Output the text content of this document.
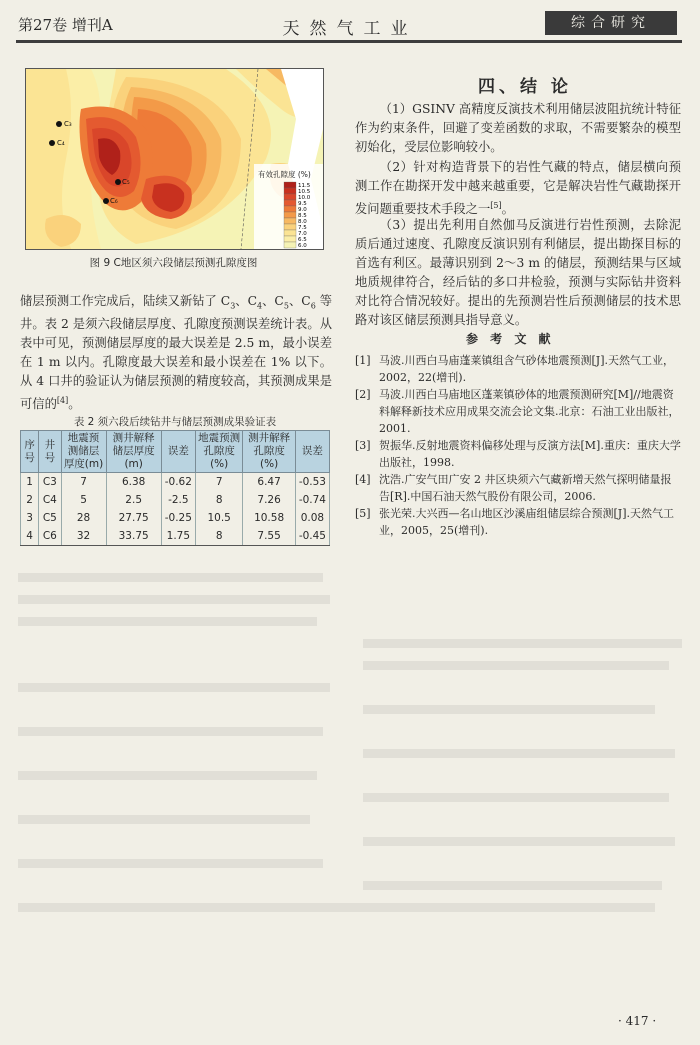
第27卷 增刊A	天然气工业	综合研究
C₃
C₄
C₅
C₆
有效孔隙度 (%)
11.5
10.5
10.0
9.5
9.0
8.5
8.0
7.5
7.0
6.5
6.0
图 9 C地区须六段储层预测孔隙度图
储层预测工作完成后，陆续又新钻了 $C_3$、$C_4$、$C_5$、$C_6$ 等井。表 2 是须六段储层厚度、孔隙度预测误差统计表。从表中可见，预测储层厚度的最大误差是 2.5 m，最小误差在 1 m 以内。孔隙度最大误差和最小误差在 1% 以下。从 4 口井的验证认为储层预测的精度较高，其预测成果是可信的[4]。
表 2 须六段后续钻井与储层预测成果验证表
序号	井号	地震预测储层厚度(m)	测井解释储层厚度(m)	误差	地震预测孔隙度(%)	测井解释孔隙度(%)	误差
1	C3	7	6.38	-0.62	7	6.47	-0.53
2	C4	5	2.5	-2.5	8	7.26	-0.74
3	C5	28	27.75	-0.25	10.5	10.58	0.08
4	C6	32	33.75	1.75	8	7.55	-0.45
四、结 论
（1）GSINV 高精度反演技术利用储层波阻抗统计特征作为约束条件，回避了变差函数的求取，不需要繁杂的模型初始化，受层位影响较小。
（2）针对构造背景下的岩性气藏的特点，储层横向预测工作在勘探开发中越来越重要，它是解决岩性气藏勘探开发问题重要技术手段之一[5]。
（3）提出先利用自然伽马反演进行岩性预测，去除泥质后通过速度、孔隙度反演识别有利储层，提出勘探目标的首选有利区。最薄识别到 2～3 m 的储层，预测结果与区域地质规律符合，经后钻的多口井检验，预测与实际钻井资料对比符合情况较好。提出的先预测岩性后预测储层的技术思路对该区储层预测具指导意义。
参 考 文 献
[1] 马波.川西白马庙蓬莱镇组含气砂体地震预测[J].天然气工业，2002，22(增刊).
[2] 马波.川西白马庙地区蓬莱镇砂体的地震预测研究[M]//地震资料解释新技术应用成果交流会论文集.北京：石油工业出版社，2001.
[3] 贺振华.反射地震资料偏移处理与反演方法[M].重庆：重庆大学出版社，1998.
[4] 沈浩.广安气田广安 2 井区块须六气藏新增天然气探明储量报告[R].中国石油天然气股份有限公司，2006.
[5] 张光荣.大兴西—名山地区沙溪庙组储层综合预测[J].天然气工业，2005，25(增刊).
· 417 ·
